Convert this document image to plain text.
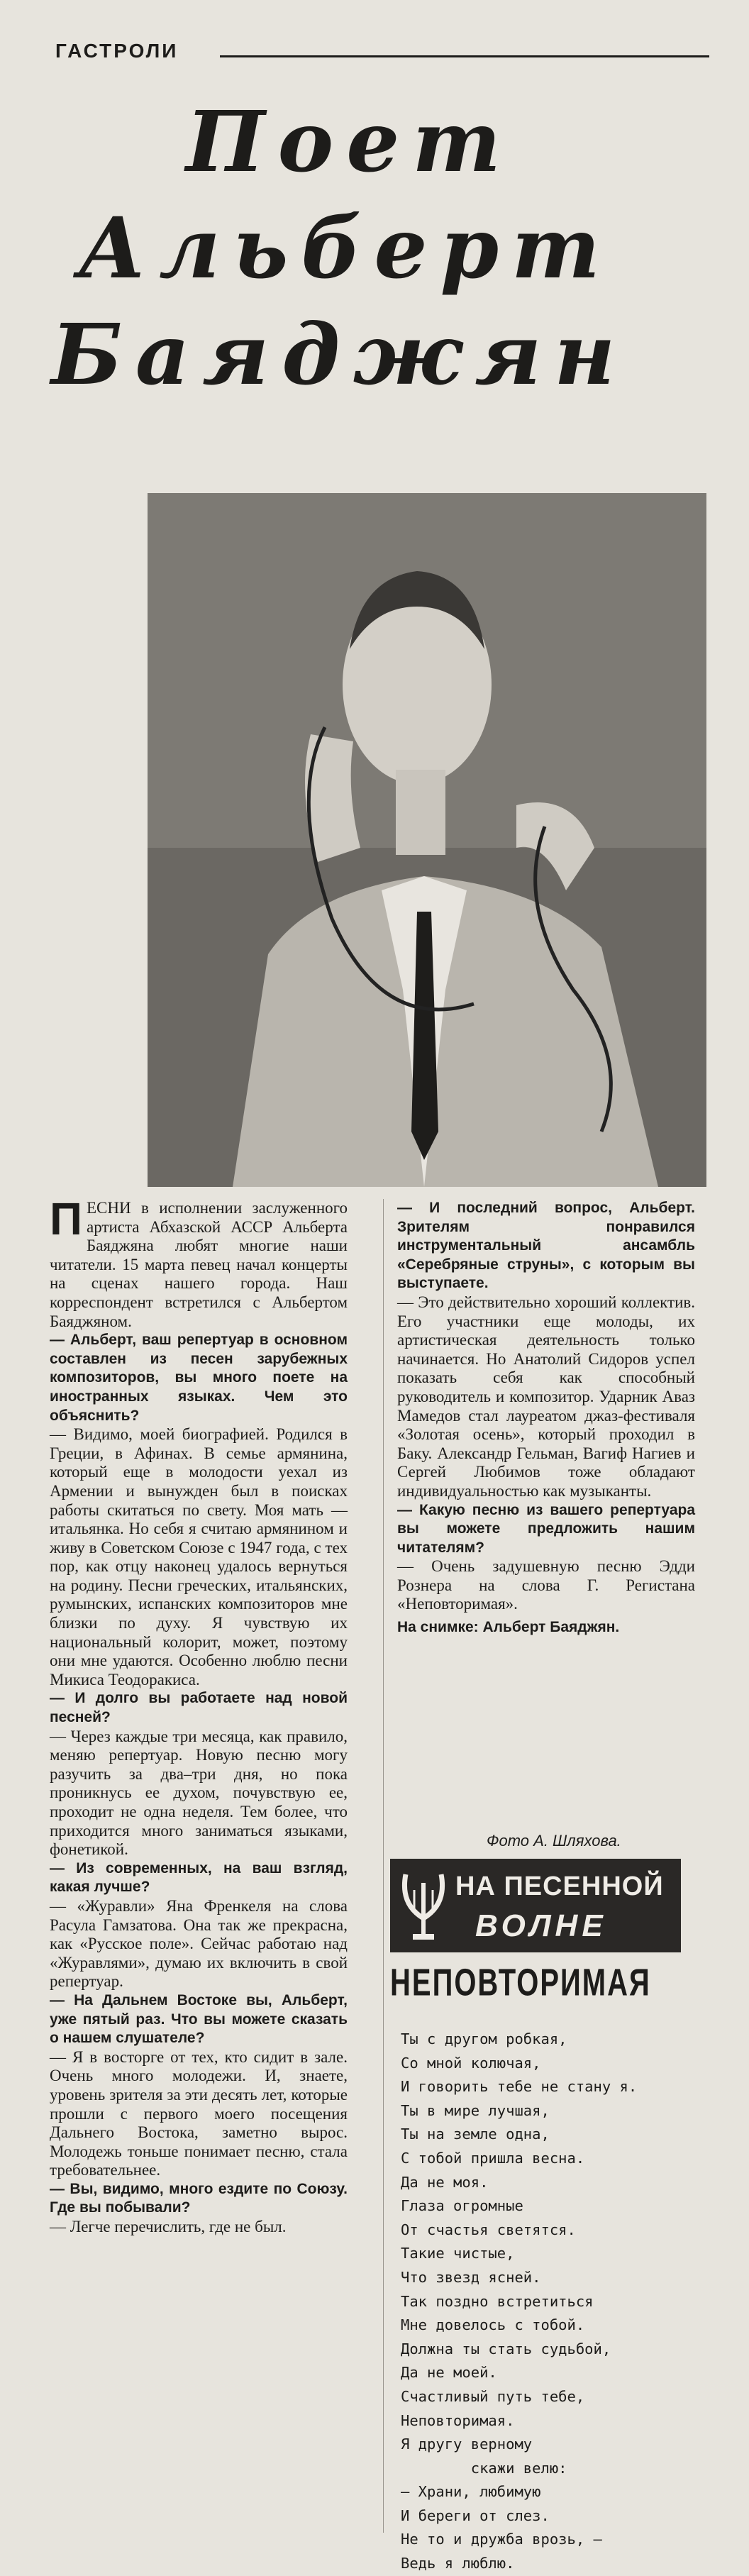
ГАСТРОЛИ
Поет
Альберт
Баяджян

ПЕСНИ в исполнении заслуженного артиста Абхазской АССР Альберта Баяджяна любят многие наши читатели. 15 марта певец начал концерты на сценах нашего города. Наш корреспондент встретился с Альбертом Баяджяном.

— Альберт, ваш репертуар в основном составлен из песен зарубежных композиторов, вы много поете на иностранных языках. Чем это объяснить?

— Видимо, моей биографией. Родился в Греции, в Афинах. В семье армянина, который еще в молодости уехал из Армении и вынужден был в поисках работы скитаться по свету. Моя мать — итальянка. Но себя я считаю армянином и живу в Советском Союзе с 1947 года, с тех пор, как отцу наконец удалось вернуться на родину. Песни греческих, итальянских, румынских, испанских композиторов мне близки по духу. Я чувствую их национальный колорит, может, поэтому они мне удаются. Особенно люблю песни Микиса Теодоракиса.

— И долго вы работаете над новой песней?

— Через каждые три месяца, как правило, меняю репертуар. Новую песню могу разучить за два–три дня, но пока проникнусь ее духом, почувствую ее, проходит не одна неделя. Тем более, что приходится много заниматься языками, фонетикой.

— Из современных, на ваш взгляд, какая лучше?

— «Журавли» Яна Френкеля на слова Расула Гамзатова. Она так же прекрасна, как «Русское поле». Сейчас работаю над «Журавлями», думаю их включить в свой репертуар.

— На Дальнем Востоке вы, Альберт, уже пятый раз. Что вы можете сказать о нашем слушателе?

— Я в восторге от тех, кто сидит в зале. Очень много молодежи. И, знаете, уровень зрителя за эти десять лет, которые прошли с первого моего посещения Дальнего Востока, заметно вырос. Молодежь тоньше понимает песню, стала требовательнее.

— Вы, видимо, много ездите по Союзу. Где вы побывали?

— Легче перечислить, где не был.

— И последний вопрос, Альберт. Зрителям понравился инструментальный ансамбль «Серебряные струны», с которым вы выступаете.

— Это действительно хороший коллектив. Его участники еще молоды, их артистическая деятельность только начинается. Но Анатолий Сидоров успел показать себя как способный руководитель и композитор. Ударник Аваз Мамедов стал лауреатом джаз-фестиваля «Золотая осень», который проходил в Баку. Александр Гельман, Вагиф Нагиев и Сергей Любимов тоже обладают индивидуальностью как музыканты.

— Какую песню из вашего репертуара вы можете предложить нашим читателям?

— Очень задушевную песню Эдди Рознера на слова Г. Регистана «Неповторимая».

На снимке: Альберт Баяджян.

Фото А. Шляхова.
НА ПЕСЕННОЙ
ВОЛНЕ
НЕПОВТОРИМАЯ
Ты с другом робкая,
Со мной колючая,
И говорить тебе не стану я.
Ты в мире лучшая,
Ты на земле одна,
С тобой пришла весна.
Да не моя.
Глаза огромные
От счастья светятся.
Такие чистые,
Что звезд ясней.
Так поздно встретиться
Мне довелось с тобой.
Должна ты стать судьбой,
Да не моей.
Счастливый путь тебе,
Неповторимая.
Я другу верному
скажи велю:
— Храни, любимую
И береги от слез.
Не то и дружба врозь, —
Ведь я люблю.
